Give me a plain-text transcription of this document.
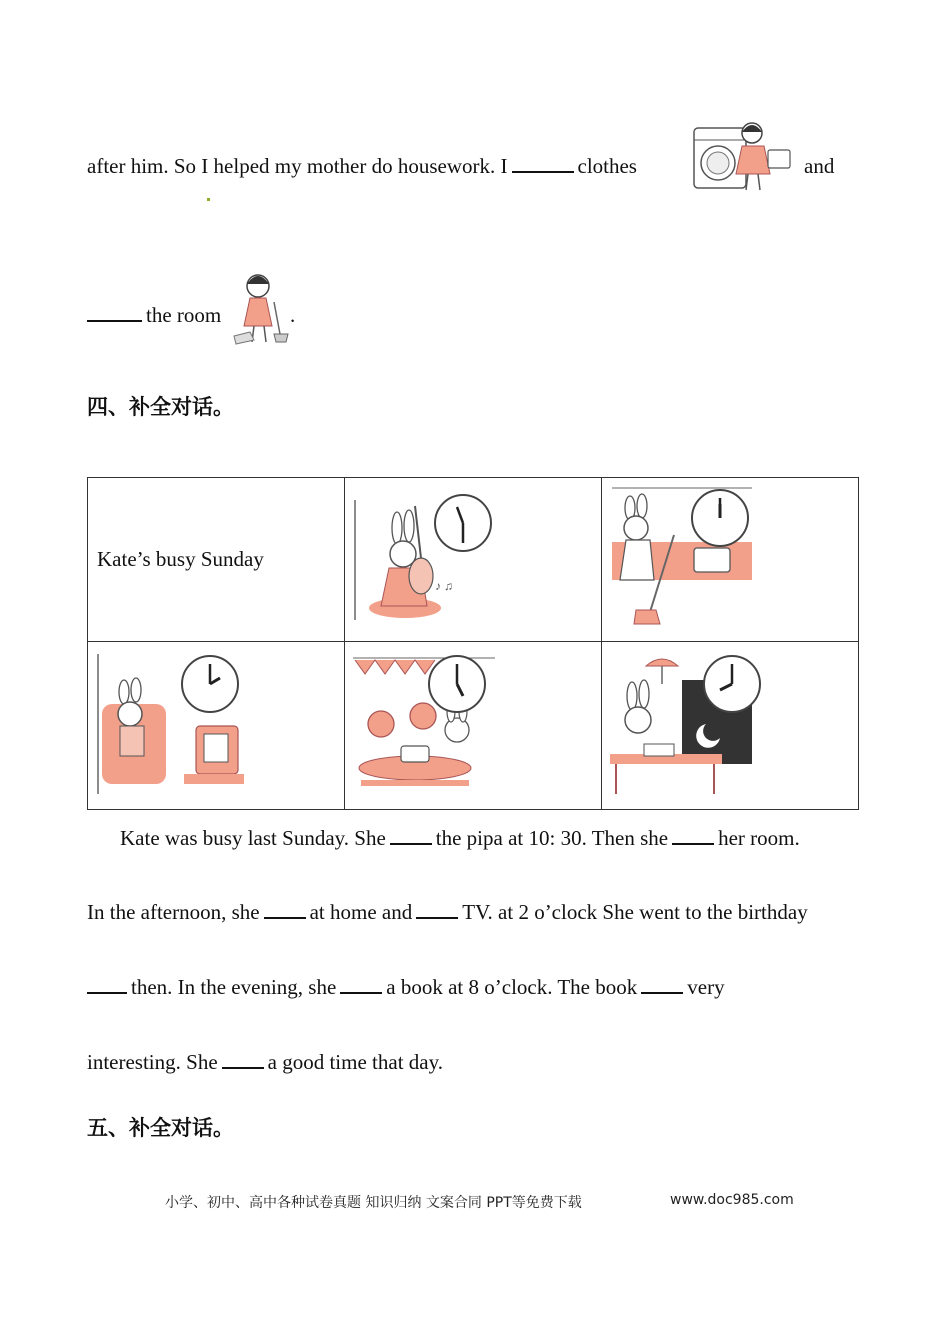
after him. So I helped my mother do housework. I	clothes	and
the room	.
四、补全对话。
Kate’s busy Sunday	♪ ♫

Kate was busy last Sunday. She the pipa at 10: 30. Then she her room.
In the afternoon, she at home and TV. at 2 o’clock She went to the birthday
then. In the evening, she a book at 8 o’clock. The book very
interesting. She a good time that day.
五、补全对话。
小学、初中、高中各种试卷真题 知识归纳 文案合同 PPT等免费下载	www.doc985.com
